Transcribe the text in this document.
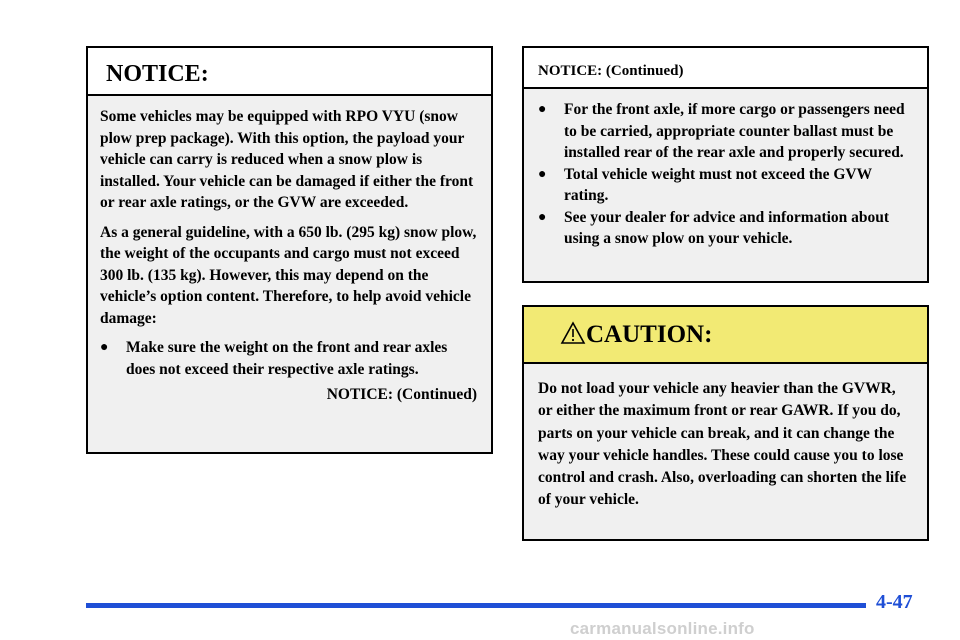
NOTICE:

Some vehicles may be equipped with RPO VYU (snow plow prep package). With this option, the payload your vehicle can carry is reduced when a snow plow is installed. Your vehicle can be damaged if either the front or rear axle ratings, or the GVW are exceeded.

As a general guideline, with a 650 lb. (295 kg) snow plow, the weight of the occupants and cargo must not exceed 300 lb. (135 kg). However, this may depend on the vehicle’s option content. Therefore, to help avoid vehicle damage:

●	Make sure the weight on the front and rear axles does not exceed their respective axle ratings.
NOTICE: (Continued)
NOTICE: (Continued)
●	For the front axle, if more cargo or passengers need to be carried, appropriate counter ballast must be installed rear of the rear axle and properly secured.
●	Total vehicle weight must not exceed the GVW rating.
●	See your dealer for advice and information about using a snow plow on your vehicle.
CAUTION:
Do not load your vehicle any heavier than the GVWR, or either the maximum front or rear GAWR. If you do, parts on your vehicle can break, and it can change the way your vehicle handles. These could cause you to lose control and crash. Also, overloading can shorten the life of your vehicle.
4-47
carmanualsonline.info
